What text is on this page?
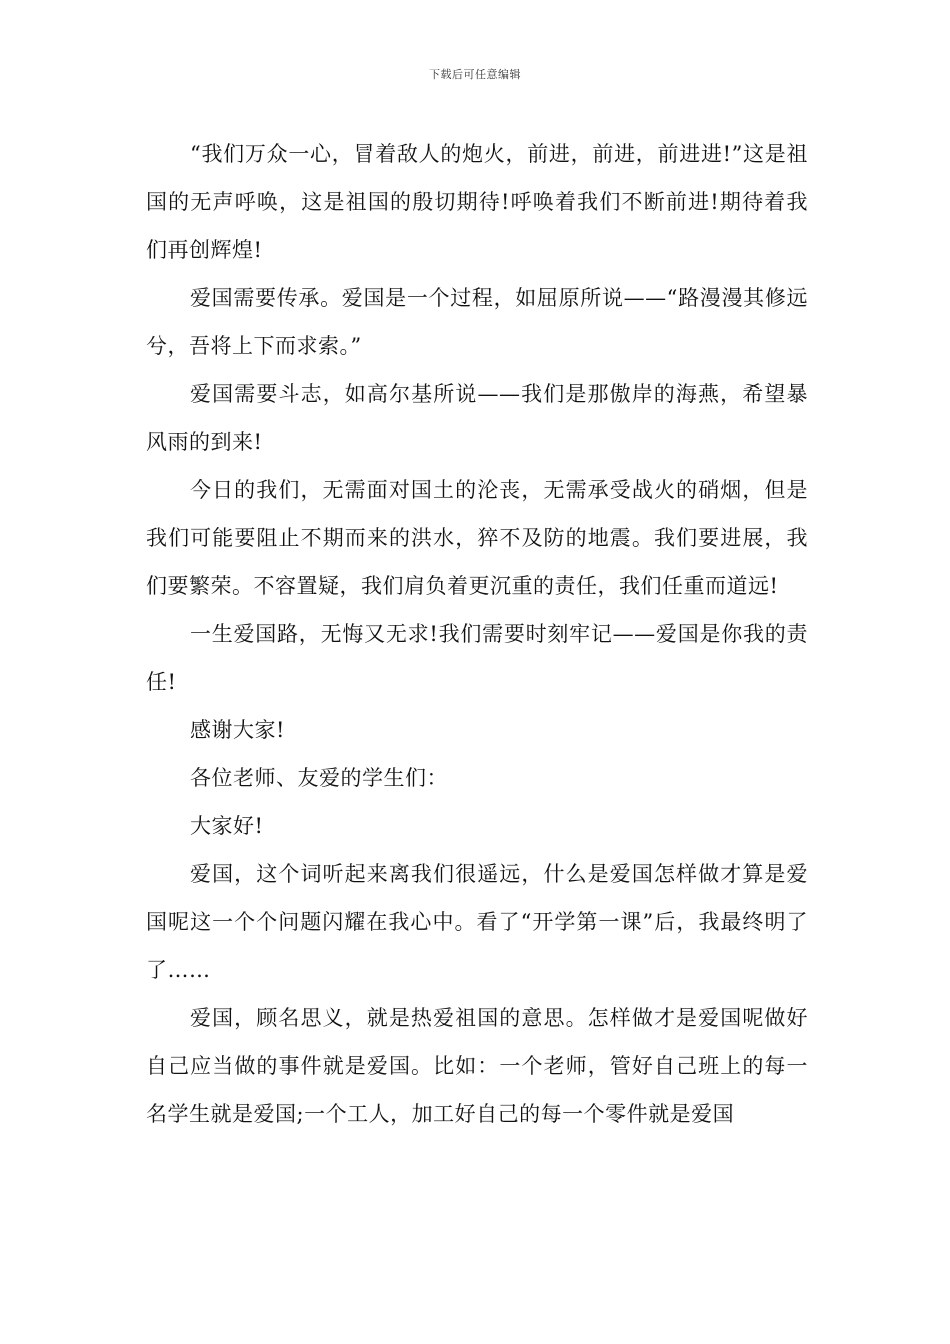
下载后可任意编辑

“我们万众一心，冒着敌人的炮火，前进，前进，前进进!”这是祖国的无声呼唤，这是祖国的殷切期待!呼唤着我们不断前进!期待着我们再创辉煌!

爱国需要传承。爱国是一个过程，如屈原所说——“路漫漫其修远兮，吾将上下而求索。”

爱国需要斗志，如高尔基所说——我们是那傲岸的海燕，希望暴风雨的到来!

今日的我们，无需面对国土的沦丧，无需承受战火的硝烟，但是我们可能要阻止不期而来的洪水，猝不及防的地震。我们要进展，我们要繁荣。不容置疑，我们肩负着更沉重的责任，我们任重而道远!

一生爱国路，无悔又无求!我们需要时刻牢记——爱国是你我的责任!

感谢大家!

各位老师、友爱的学生们：

大家好!

爱国，这个词听起来离我们很遥远，什么是爱国怎样做才算是爱国呢这一个个问题闪耀在我心中。看了“开学第一课”后，我最终明了了……

爱国，顾名思义，就是热爱祖国的意思。怎样做才是爱国呢做好自己应当做的事件就是爱国。比如：一个老师，管好自己班上的每一名学生就是爱国;一个工人，加工好自己的每一个零件就是爱国
